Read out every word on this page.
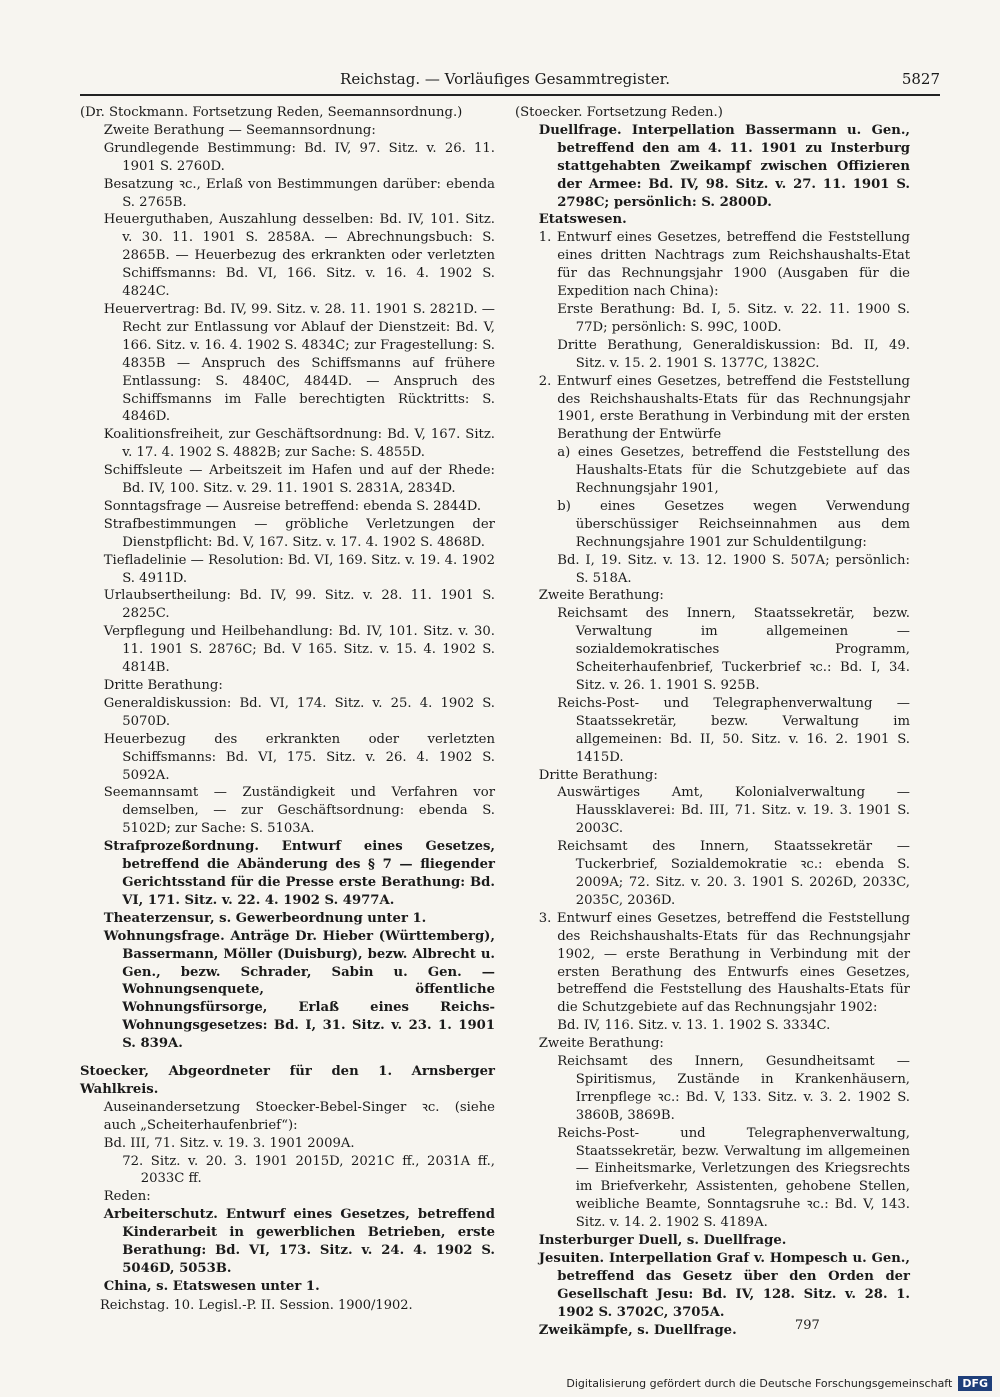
Reichstag. — Vorläufiges Gesammtregister.	5827

(Dr. Stockmann. Fortsetzung Reden, Seemannsordnung.)

Zweite Berathung — Seemannsordnung:

Grundlegende Bestimmung: Bd. IV, 97. Sitz. v. 26. 11. 1901 S. 2760D.

Besatzung ꝛc., Erlaß von Bestimmungen darüber: ebenda S. 2765B.

Heuerguthaben, Auszahlung desselben: Bd. IV, 101. Sitz. v. 30. 11. 1901 S. 2858A. — Abrechnungsbuch: S. 2865B. — Heuerbezug des erkrankten oder verletzten Schiffsmanns: Bd. VI, 166. Sitz. v. 16. 4. 1902 S. 4824C.

Heuervertrag: Bd. IV, 99. Sitz. v. 28. 11. 1901 S. 2821D. — Recht zur Entlassung vor Ablauf der Dienstzeit: Bd. V, 166. Sitz. v. 16. 4. 1902 S. 4834C; zur Fragestellung: S. 4835B — Anspruch des Schiffsmanns auf frühere Entlassung: S. 4840C, 4844D. — Anspruch des Schiffsmanns im Falle berechtigten Rücktritts: S. 4846D.

Koalitionsfreiheit, zur Geschäftsordnung: Bd. V, 167. Sitz. v. 17. 4. 1902 S. 4882B; zur Sache: S. 4855D.

Schiffsleute — Arbeitszeit im Hafen und auf der Rhede: Bd. IV, 100. Sitz. v. 29. 11. 1901 S. 2831A, 2834D.

Sonntagsfrage — Ausreise betreffend: ebenda S. 2844D.

Strafbestimmungen — gröbliche Verletzungen der Dienstpflicht: Bd. V, 167. Sitz. v. 17. 4. 1902 S. 4868D.

Tiefladelinie — Resolution: Bd. VI, 169. Sitz. v. 19. 4. 1902 S. 4911D.

Urlaubsertheilung: Bd. IV, 99. Sitz. v. 28. 11. 1901 S. 2825C.

Verpflegung und Heilbehandlung: Bd. IV, 101. Sitz. v. 30. 11. 1901 S. 2876C; Bd. V 165. Sitz. v. 15. 4. 1902 S. 4814B.

Dritte Berathung:

Generaldiskussion: Bd. VI, 174. Sitz. v. 25. 4. 1902 S. 5070D.

Heuerbezug des erkrankten oder verletzten Schiffsmanns: Bd. VI, 175. Sitz. v. 26. 4. 1902 S. 5092A.

Seemannsamt — Zuständigkeit und Verfahren vor demselben, — zur Geschäftsordnung: ebenda S. 5102D; zur Sache: S. 5103A.

Strafprozeßordnung. Entwurf eines Gesetzes, betreffend die Abänderung des § 7 — fliegender Gerichtsstand für die Presse erste Berathung: Bd. VI, 171. Sitz. v. 22. 4. 1902 S. 4977A.

Theaterzensur, s. Gewerbeordnung unter 1.

Wohnungsfrage. Anträge Dr. Hieber (Württemberg), Bassermann, Möller (Duisburg), bezw. Albrecht u. Gen., bezw. Schrader, Sabin u. Gen. — Wohnungsenquete, öffentliche Wohnungsfürsorge, Erlaß eines Reichs-Wohnungsgesetzes: Bd. I, 31. Sitz. v. 23. 1. 1901 S. 839A.

Stoecker, Abgeordneter für den 1. Arnsberger Wahlkreis.

Auseinandersetzung Stoecker-Bebel-Singer ꝛc. (siehe auch „Scheiterhaufenbrief“):

Bd. III, 71. Sitz. v. 19. 3. 1901 2009A.

72. Sitz. v. 20. 3. 1901 2015D, 2021C ff., 2031A ff., 2033C ff.

Reden:

Arbeiterschutz. Entwurf eines Gesetzes, betreffend Kinderarbeit in gewerblichen Betrieben, erste Berathung: Bd. VI, 173. Sitz. v. 24. 4. 1902 S. 5046D, 5053B.

China, s. Etatswesen unter 1.

(Stoecker. Fortsetzung Reden.)

Duellfrage. Interpellation Bassermann u. Gen., betreffend den am 4. 11. 1901 zu Insterburg stattgehabten Zweikampf zwischen Offizieren der Armee: Bd. IV, 98. Sitz. v. 27. 11. 1901 S. 2798C; persönlich: S. 2800D.

Etatswesen.

1. Entwurf eines Gesetzes, betreffend die Feststellung eines dritten Nachtrags zum Reichshaushalts-Etat für das Rechnungsjahr 1900 (Ausgaben für die Expedition nach China):

Erste Berathung: Bd. I, 5. Sitz. v. 22. 11. 1900 S. 77D; persönlich: S. 99C, 100D.

Dritte Berathung, Generaldiskussion: Bd. II, 49. Sitz. v. 15. 2. 1901 S. 1377C, 1382C.

2. Entwurf eines Gesetzes, betreffend die Feststellung des Reichshaushalts-Etats für das Rechnungsjahr 1901, erste Berathung in Verbindung mit der ersten Berathung der Entwürfe

a) eines Gesetzes, betreffend die Feststellung des Haushalts-Etats für die Schutzgebiete auf das Rechnungsjahr 1901,

b) eines Gesetzes wegen Verwendung überschüssiger Reichseinnahmen aus dem Rechnungsjahre 1901 zur Schuldentilgung:

Bd. I, 19. Sitz. v. 13. 12. 1900 S. 507A; persönlich: S. 518A.

Zweite Berathung:

Reichsamt des Innern, Staatssekretär, bezw. Verwaltung im allgemeinen — sozialdemokratisches Programm, Scheiterhaufenbrief, Tuckerbrief ꝛc.: Bd. I, 34. Sitz. v. 26. 1. 1901 S. 925B.

Reichs-Post- und Telegraphenverwaltung — Staatssekretär, bezw. Verwaltung im allgemeinen: Bd. II, 50. Sitz. v. 16. 2. 1901 S. 1415D.

Dritte Berathung:

Auswärtiges Amt, Kolonialverwaltung — Haussklaverei: Bd. III, 71. Sitz. v. 19. 3. 1901 S. 2003C.

Reichsamt des Innern, Staatssekretär — Tuckerbrief, Sozialdemokratie ꝛc.: ebenda S. 2009A; 72. Sitz. v. 20. 3. 1901 S. 2026D, 2033C, 2035C, 2036D.

3. Entwurf eines Gesetzes, betreffend die Feststellung des Reichshaushalts-Etats für das Rechnungsjahr 1902, — erste Berathung in Verbindung mit der ersten Berathung des Entwurfs eines Gesetzes, betreffend die Feststellung des Haushalts-Etats für die Schutzgebiete auf das Rechnungsjahr 1902:

Bd. IV, 116. Sitz. v. 13. 1. 1902 S. 3334C.

Zweite Berathung:

Reichsamt des Innern, Gesundheitsamt — Spiritismus, Zustände in Krankenhäusern, Irrenpflege ꝛc.: Bd. V, 133. Sitz. v. 3. 2. 1902 S. 3860B, 3869B.

Reichs-Post- und Telegraphenverwaltung, Staatssekretär, bezw. Verwaltung im allgemeinen — Einheitsmarke, Verletzungen des Kriegsrechts im Briefverkehr, Assistenten, gehobene Stellen, weibliche Beamte, Sonntagsruhe ꝛc.: Bd. V, 143. Sitz. v. 14. 2. 1902 S. 4189A.

Insterburger Duell, s. Duellfrage.

Jesuiten. Interpellation Graf v. Hompesch u. Gen., betreffend das Gesetz über den Orden der Gesellschaft Jesu: Bd. IV, 128. Sitz. v. 28. 1. 1902 S. 3702C, 3705A.

Zweikämpfe, s. Duellfrage.

Reichstag. 10. Legisl.-P. II. Session. 1900/1902.
797
Digitalisierung gefördert durch die Deutsche Forschungsgemeinschaft DFG
